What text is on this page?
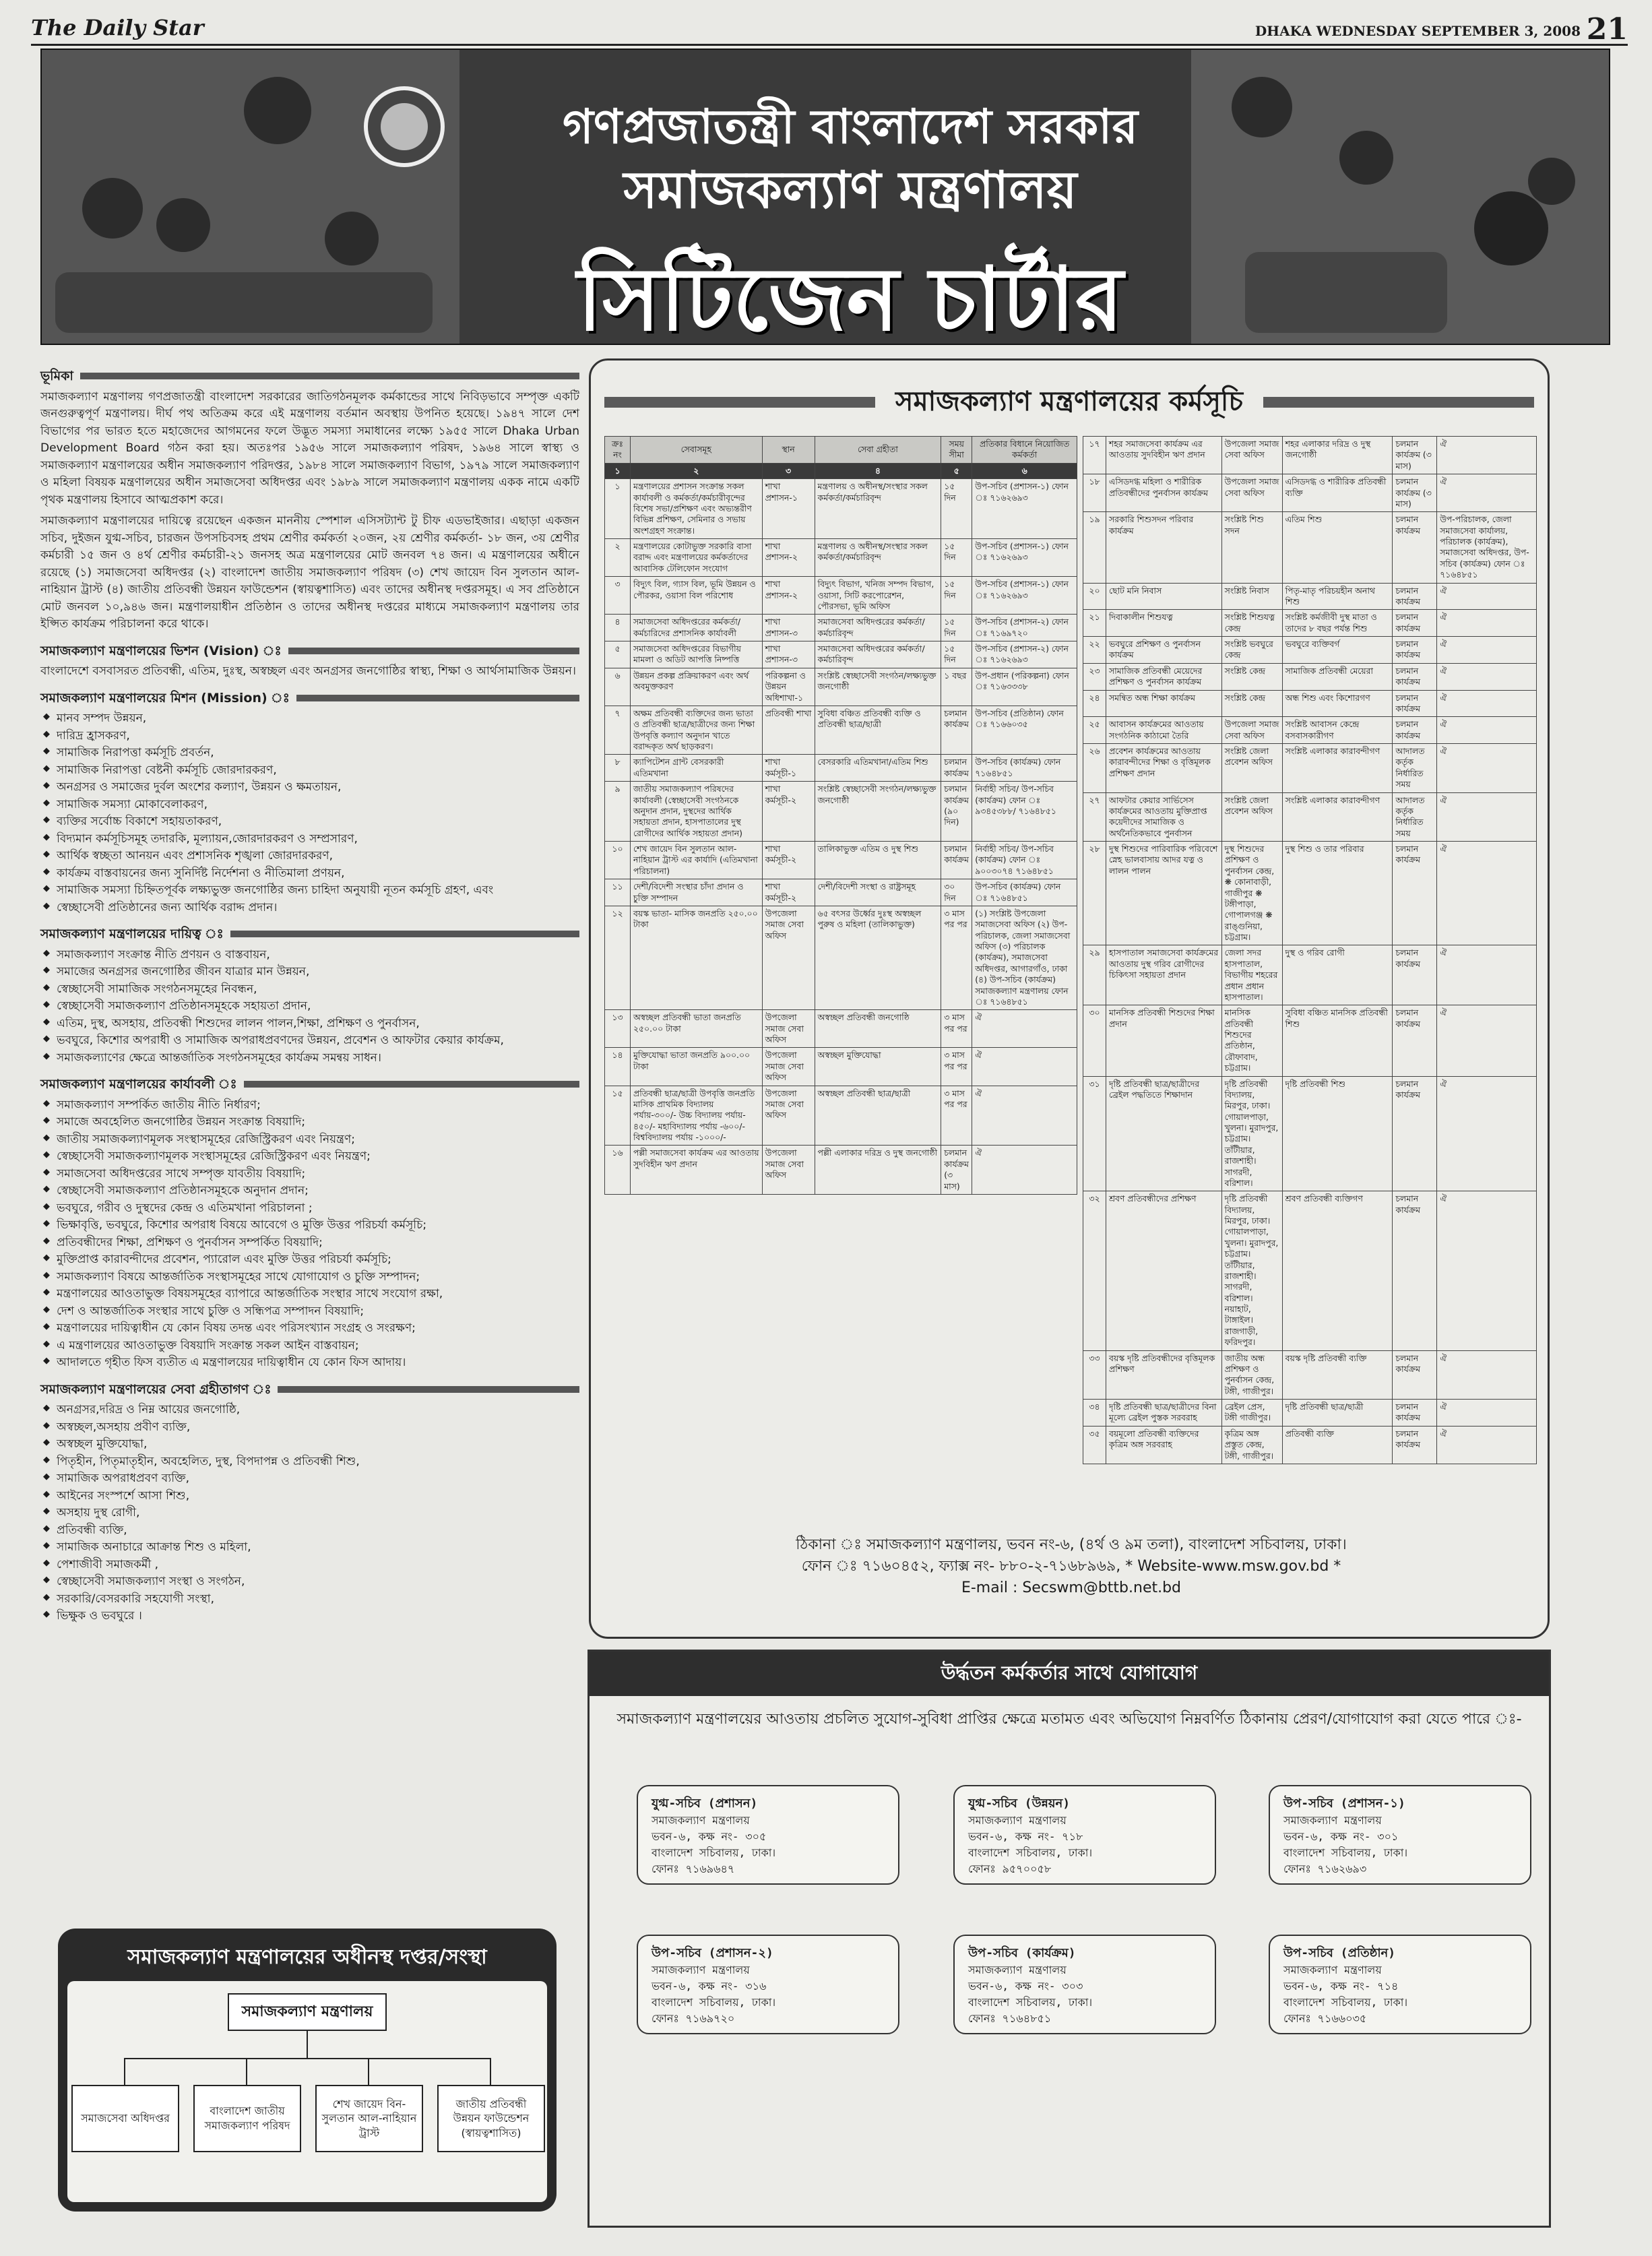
The Daily Star	DHAKA WEDNESDAY SEPTEMBER 3, 2008 21
গণপ্রজাতন্ত্রী বাংলাদেশ সরকার
সমাজকল্যাণ মন্ত্রণালয়
সিটিজেন চার্টার
ভূমিকা

সমাজকল্যাণ মন্ত্রণালয় গণপ্রজাতন্ত্রী বাংলাদেশ সরকারের জাতিগঠনমূলক কর্মকান্ডের সাথে নিবিড়ভাবে সম্পৃক্ত একটি জনগুরুত্বপূর্ণ মন্ত্রণালয়। দীর্ঘ পথ অতিক্রম করে এই মন্ত্রণালয় বর্তমান অবস্থায় উপনিত হয়েছে। ১৯৪৭ সালে দেশ বিভাগের পর ভারত হতে মহাজেদের আগমনের ফলে উদ্ভূত সমস্যা সমাধানের লক্ষ্যে ১৯৫৫ সালে Dhaka Urban Development Board গঠন করা হয়। অতঃপর ১৯৫৬ সালে সমাজকল্যাণ পরিষদ, ১৯৬৪ সালে স্বাস্থ্য ও সমাজকল্যাণ মন্ত্রণালয়ের অধীন সমাজকল্যাণ পরিদপ্তর, ১৯৮৪ সালে সমাজকল্যাণ বিভাগ, ১৯৭৯ সালে সমাজকল্যাণ ও মহিলা বিষয়ক মন্ত্রণালয়ের অধীন সমাজসেবা অধিদপ্তর এবং ১৯৮৯ সালে সমাজকল্যাণ মন্ত্রণালয় একক নামে একটি পৃথক মন্ত্রণালয় হিসাবে আত্মপ্রকাশ করে।

সমাজকল্যাণ মন্ত্রণালয়ের দায়িত্বে রয়েছেন একজন মাননীয় স্পেশাল এসিসট্যান্ট টু চীফ এডভাইজার। এছাড়া একজন সচিব, দুইজন যুগ্ম-সচিব, চারজন উপসচিবসহ প্রথম শ্রেণীর কর্মকর্তা ২০জন, ২য় শ্রেণীর কর্মকর্তা- ১৮ জন, ৩য় শ্রেণীর কর্মচারী ১৫ জন ও ৪র্থ শ্রেণীর কর্মচারী-২১ জনসহ অত্র মন্ত্রণালয়ের মোট জনবল ৭৪ জন। এ মন্ত্রণালয়ের অধীনে রয়েছে (১) সমাজসেবা অধিদপ্তর (২) বাংলাদেশ জাতীয় সমাজকল্যাণ পরিষদ (৩) শেখ জায়েদ বিন সুলতান আল-নাহিয়ান ট্রাস্ট (৪) জাতীয় প্রতিবন্ধী উন্নয়ন ফাউন্ডেশন (স্বায়ত্বশাসিত) এবং তাদের অধীনস্থ দপ্তরসমূহ। এ সব প্রতিষ্ঠানে মোট জনবল ১০,৯৪৬ জন। মন্ত্রণালয়াধীন প্রতিষ্ঠান ও তাদের অধীনস্থ দপ্তরের মাধ্যমে সমাজকল্যাণ মন্ত্রণালয় তার ইপ্সিত কার্যক্রম পরিচালনা করে থাকে।

সমাজকল্যাণ মন্ত্রণালয়ের ভিশন (Vision) ঃ

বাংলাদেশে বসবাসরত প্রতিবন্ধী, এতিম, দুঃস্থ, অস্বচ্ছল এবং অনগ্রসর জনগোষ্ঠির স্বাস্থ্য, শিক্ষা ও আর্থসামাজিক উন্নয়ন।

সমাজকল্যাণ মন্ত্রণালয়ের মিশন (Mission) ঃ
◆ মানব সম্পদ উন্নয়ন,
◆ দারিদ্র হ্রাসকরণ,
◆ সামাজিক নিরাপত্তা কর্মসূচি প্রবর্তন,
◆ সামাজিক নিরাপত্তা বেষ্টনী কর্মসূচি জোরদারকরণ,
◆ অনগ্রসর ও সমাজের দুর্বল অংশের কল্যাণ, উন্নয়ন ও ক্ষমতায়ন,
◆ সামাজিক সমস্যা মোকাবেলাকরণ,
◆ ব্যক্তির সর্বোচ্চ বিকাশে সহায়তাকরণ,
◆ বিদ্যমান কর্মসূচিসমূহ তদারকি, মূল্যায়ন,জোরদারকরণ ও সম্প্রসারণ,
◆ আর্থিক স্বচ্ছতা আনয়ন এবং প্রশাসনিক শৃঙ্খলা জোরদারকরণ,
◆ কার্যক্রম বাস্তবায়নের জন্য সুনির্দিষ্ট নির্দেশনা ও নীতিমালা প্রণয়ন,
◆ সামাজিক সমস্যা চিহ্নিতপূর্বক লক্ষ্যভুক্ত জনগোষ্ঠির জন্য চাহিদা অনুযায়ী নূতন কর্মসূচি গ্রহণ, এবং
◆ স্বেচ্ছাসেবী প্রতিষ্ঠানের জন্য আর্থিক বরাদ্দ প্রদান।
সমাজকল্যাণ মন্ত্রণালয়ের দায়িত্ব ঃ
◆ সমাজকল্যাণ সংক্রান্ত নীতি প্রণয়ন ও বাস্তবায়ন,
◆ সমাজের অনগ্রসর জনগোষ্ঠির জীবন যাত্রার মান উন্নয়ন,
◆ স্বেচ্ছাসেবী সামাজিক সংগঠনসমূহের নিবন্ধন,
◆ স্বেচ্ছাসেবী সমাজকল্যাণ প্রতিষ্ঠানসমূহকে সহায়তা প্রদান,
◆ এতিম, দুস্থ, অসহায়, প্রতিবন্ধী শিশুদের লালন পালন,শিক্ষা, প্রশিক্ষণ ও পুনর্বাসন,
◆ ভবঘুরে, কিশোর অপরাধী ও সামাজিক অপরাধপ্রবণদের উন্নয়ন, প্রবেশন ও আফটার কেয়ার কার্যক্রম,
◆ সমাজকল্যাণের ক্ষেত্রে আন্তর্জাতিক সংগঠনসমূহের কার্যক্রম সমন্বয় সাধন।
সমাজকল্যাণ মন্ত্রণালয়ের কার্যাবলী ঃ
◆ সমাজকল্যাণ সম্পর্কিত জাতীয় নীতি নির্ধারণ;
◆ সমাজে অবহেলিত জনগোষ্ঠির উন্নয়ন সংক্রান্ত বিষয়াদি;
◆ জাতীয় সমাজকল্যাণমূলক সংস্থাসমূহের রেজিস্ট্রিকরণ এবং নিয়ন্ত্রণ;
◆ স্বেচ্ছাসেবী সমাজকল্যাণমূলক সংস্থাসমূহের রেজিস্ট্রিকরণ এবং নিয়ন্ত্রণ;
◆ সমাজসেবা অধিদপ্তরের সাথে সম্পৃক্ত যাবতীয় বিষয়াদি;
◆ স্বেচ্ছাসেবী সমাজকল্যাণ প্রতিষ্ঠানসমূহকে অনুদান প্রদান;
◆ ভবঘুরে, গরীব ও দুস্থদের কেন্দ্র ও এতিমখানা পরিচালনা ;
◆ ভিক্ষাবৃত্তি, ভবঘুরে, কিশোর অপরাধ বিষয়ে আবেগে ও মুক্তি উত্তর পরিচর্যা কর্মসূচি;
◆ প্রতিবন্ধীদের শিক্ষা, প্রশিক্ষণ ও পুনর্বাসন সম্পর্কিত বিষয়াদি;
◆ মুক্তিপ্রাপ্ত কারাবন্দীদের প্রবেশন, প্যারোল এবং মুক্তি উত্তর পরিচর্যা কর্মসূচি;
◆ সমাজকল্যাণ বিষয়ে আন্তর্জাতিক সংস্থাসমূহের সাথে যোগাযোগ ও চুক্তি সম্পাদন;
◆ মন্ত্রণালয়ের আওতাভুক্ত বিষয়সমূহের ব্যাপারে আন্তর্জাতিক সংস্থার সাথে সংযোগ রক্ষা,
◆ দেশ ও আন্তর্জাতিক সংস্থার সাথে চুক্তি ও সন্ধিপত্র সম্পাদন বিষয়াদি;
◆ মন্ত্রণালয়ের দায়িত্বাধীন যে কোন বিষয় তদন্ত এবং পরিসংখ্যান সংগ্রহ ও সংরক্ষণ;
◆ এ মন্ত্রণালয়ের আওতাভুক্ত বিষয়াদি সংক্রান্ত সকল আইন বাস্তবায়ন;
◆ আদালতে গৃহীত ফিস ব্যতীত এ মন্ত্রণালয়ের দায়িত্বাধীন যে কোন ফিস আদায়।
সমাজকল্যাণ মন্ত্রণালয়ের সেবা গ্রহীতাগণ ঃ
◆ অনগ্রসর,দরিদ্র ও নিম্ন আয়ের জনগোষ্ঠি,
◆ অস্বচ্ছল,অসহায় প্রবীণ ব্যক্তি,
◆ অস্বচ্ছল মুক্তিযোদ্ধা,
◆ পিতৃহীন, পিতৃমাতৃহীন, অবহেলিত, দুস্থ, বিপদাপন্ন ও প্রতিবন্ধী শিশু,
◆ সামাজিক অপরাধপ্রবণ ব্যক্তি,
◆ আইনের সংস্পর্শে আসা শিশু,
◆ অসহায় দুস্থ রোগী,
◆ প্রতিবন্ধী ব্যক্তি,
◆ সামাজিক অনাচারে আক্রান্ত শিশু ও মহিলা,
◆ পেশাজীবী সমাজকর্মী ,
◆ স্বেচ্ছাসেবী সমাজকল্যাণ সংস্থা ও সংগঠন,
◆ সরকারি/বেসরকারি সহযোগী সংস্থা,
◆ ভিক্ষুক ও ভবঘুরে ।
সমাজকল্যাণ মন্ত্রণালয়ের অধীনস্থ দপ্তর/সংস্থা
সমাজকল্যাণ মন্ত্রণালয়
সমাজসেবা অধিদপ্তর
বাংলাদেশ জাতীয় সমাজকল্যাণ পরিষদ
শেখ জায়েদ বিন-সুলতান আল-নাহিয়ান ট্রাস্ট
জাতীয় প্রতিবন্ধী উন্নয়ন ফাউন্ডেশন (স্বায়ত্বশাসিত)
সমাজকল্যাণ মন্ত্রণালয়ের কর্মসূচি
ক্রঃ নং	সেবাসমূহ	স্থান	সেবা গ্রহীতা	সময় সীমা	প্রতিকার বিধানে নিয়োজিত কর্মকর্তা
১	২	৩	৪	৫	৬
১	মন্ত্রণালয়ের প্রশাসন সংক্রান্ত সকল কার্যাবলী ও কর্মকর্তা/কর্মচারীবৃন্দের বিশেষ সভা/প্রশিক্ষণ এবং অভ্যন্তরীণ বিভিন্ন প্রশিক্ষণ, সেমিনার ও সভায় অংশগ্রহণ সংক্রান্ত।	শাখা প্রশাসন-১	মন্ত্রণালয় ও অধীনস্থ/সংস্থার সকল কর্মকর্তা/কর্মচারিবৃন্দ	১৫ দিন	উপ-সচিব (প্রশাসন-১) ফোন ঃ ৭১৬২৬৯৩
২	মন্ত্রণালয়ের কোটাভুক্ত সরকারি বাসা বরাদ্দ এবং মন্ত্রণালয়ের কর্মকর্তাদের আবাসিক টেলিফোন সংযোগ	শাখা প্রশাসন-২	মন্ত্রণালয় ও অধীনস্থ/সংস্থার সকল কর্মকর্তা/কর্মচারিবৃন্দ	১৫ দিন	উপ-সচিব (প্রশাসন-১) ফোন ঃ ৭১৬২৬৯৩
৩	বিদ্যুৎ বিল, গ্যাস বিল, ভূমি উন্নয়ন ও পৌরকর, ওয়াসা বিল পরিশোধ	শাখা প্রশাসন-২	বিদ্যুৎ বিভাগ, খনিজ সম্পদ বিভাগ, ওয়াসা, সিটি করপোরেশন, পৌরসভা, ভূমি অফিস	১৫ দিন	উপ-সচিব (প্রশাসন-১) ফোন ঃ ৭১৬২৬৯৩
৪	সমাজসেবা অধিদপ্তরের কর্মকর্তা/কর্মচারিদের প্রশাসনিক কার্যাবলী	শাখা প্রশাসন-৩	সমাজসেবা অধিদপ্তরের কর্মকর্তা/কর্মচারিবৃন্দ	১৫ দিন	উপ-সচিব (প্রশাসন-২) ফোন ঃ ৭১৬৯৭২০
৫	সমাজসেবা অধিদপ্তরের বিভাগীয় মামলা ও অডিট আপত্তি নিষ্পত্তি	শাখা প্রশাসন-৩	সমাজসেবা অধিদপ্তরের কর্মকর্তা/কর্মচারিবৃন্দ	১৫ দিন	উপ-সচিব (প্রশাসন-২) ফোন ঃ ৭১৬২৬৯৩
৬	উন্নয়ন প্রকল্প প্রক্রিয়াকরণ এবং অর্থ অবমুক্তকরণ	পরিকল্পনা ও উন্নয়ন অধিশাখা-১	সংশ্লিষ্ট স্বেচ্ছাসেবী সংগঠন/লক্ষ্যভুক্ত জনগোষ্ঠী	১ বছর	উপ-প্রধান (পরিকল্পনা) ফোন ঃ ৭১৬৩৩৩৮
৭	অক্ষম প্রতিবন্ধী ব্যক্তিদের জন্য ভাতা ও প্রতিবন্ধী ছাত্র/ছাত্রীদের জন্য শিক্ষা উপবৃত্তি কল্যাণ অনুদান খাতে বরাদ্দকৃত অর্থ ছাড়করণ।	প্রতিবন্ধী শাখা	সুবিধা বঞ্চিত প্রতিবন্ধী ব্যক্তি ও প্রতিবন্ধী ছাত্র/ছাত্রী	চলমান কার্যক্রম	উপ-সচিব (প্রতিষ্ঠান) ফোন ঃ ৭১৬৬০৩৫
৮	ক্যাপিটেশন গ্রান্ট বেসরকারী এতিমখানা	শাখা কর্মসূচী-১	বেসরকারি এতিমখানা/এতিম শিশু	চলমান কার্যক্রম	উপ-সচিব (কার্যক্রম) ফোন ৭১৬৪৮৫১
৯	জাতীয় সমাজকল্যাণ পরিষদের কার্যাবলী (স্বেচ্ছাসেবী সংগঠনকে অনুদান প্রদান, দুস্থদের আর্থিক সহায়তা প্রদান, হাসপাতালের দুস্থ রোগীদের আর্থিক সহায়তা প্রদান)	শাখা কর্মসূচী-২	সংশ্লিষ্ট স্বেচ্ছাসেবী সংগঠন/লক্ষ্যভুক্ত জনগোষ্ঠী	চলমান কার্যক্রম (৯০ দিন)	নির্বাহী সচিব/ উপ-সচিব (কার্যক্রম) ফোন ঃ ৯৩৪৫৩৮৮/ ৭১৬৪৮৫১
১০	শেখ জায়েদ বিন সুলতান আল-নাহিয়ান ট্রাস্ট এর কার্যাদি (এতিমখানা পরিচালনা)	শাখা কর্মসূচী-২	তালিকাভুক্ত এতিম ও দুস্থ শিশু	চলমান কার্যক্রম	নির্বাহী সচিব/ উপ-সচিব (কার্যক্রম) ফোন ঃ ৯০০৩০৭৪ ৭১৬৪৮৫১
১১	দেশী/বিদেশী সংস্থার চাঁদা প্রদান ও চুক্তি সম্পাদন	শাখা কর্মসূচী-২	দেশী/বিদেশী সংস্থা ও রাষ্ট্রসমূহ	৩০ দিন	উপ-সচিব (কার্যক্রম) ফোন ঃ ৭১৬৪৮৫১
১২	বয়স্ক ভাতা- মাসিক জনপ্রতি ২৫০.০০ টাকা	উপজেলা সমাজ সেবা অফিস	৬৫ বৎসর উর্ধ্বের দুঃস্থ অস্বচ্ছল পুরুষ ও মহিলা (তালিকাভুক্ত)	৩ মাস পর পর	(১) সংশ্লিষ্ট উপজেলা সমাজসেবা অফিস (২) উপ-পরিচালক, জেলা সমাজসেবা অফিস (৩) পরিচালক (কার্যক্রম), সমাজসেবা অধিদপ্তর, আগারগাঁও, ঢাকা (৪) উপ-সচিব (কার্যক্রম) সমাজকল্যাণ মন্ত্রণালয় ফোন ঃ ৭১৬৪৮৫১
১৩	অস্বচ্ছল প্রতিবন্ধী ভাতা জনপ্রতি ২৫০.০০ টাকা	উপজেলা সমাজ সেবা অফিস	অস্বচ্ছল প্রতিবন্ধী জনগোষ্ঠি	৩ মাস পর পর	ঐ
১৪	মুক্তিযোদ্ধা ভাতা জনপ্রতি ৯০০.০০ টাকা	উপজেলা সমাজ সেবা অফিস	অস্বচ্ছল মুক্তিযোদ্ধা	৩ মাস পর পর	ঐ
১৫	প্রতিবন্ধী ছাত্র/ছাত্রী উপবৃত্তি জনপ্রতি মাসিক প্রাথমিক বিদ্যালয় পর্যায়-৩০০/- উচ্চ বিদ্যালয় পর্যায়- ৪৫০/- মহাবিদ্যালয় পর্যায় -৬০০/- বিশ্ববিদ্যালয় পর্যায় -১০০০/-	উপজেলা সমাজ সেবা অফিস	অস্বচ্ছল প্রতিবন্ধী ছাত্র/ছাত্রী	৩ মাস পর পর	ঐ
১৬	পল্লী সমাজসেবা কার্যক্রম এর আওতায় সুদবিহীন ঋণ প্রদান	উপজেলা সমাজ সেবা অফিস	পল্লী এলাকার দরিদ্র ও দুস্থ জনগোষ্ঠী	চলমান কার্যক্রম (৩ মাস)	ঐ
১৭	শহর সমাজসেবা কার্যক্রম এর আওতায় সুদবিহীন ঋণ প্রদান	উপজেলা সমাজ সেবা অফিস	শহর এলাকার দরিদ্র ও দুস্থ জনগোষ্ঠী	চলমান কার্যক্রম (৩ মাস)	ঐ
১৮	এসিডদগ্ধ মহিলা ও শারীরিক প্রতিবন্ধীদের পুনর্বাসন কার্যক্রম	উপজেলা সমাজ সেবা অফিস	এসিডদগ্ধ ও শারীরিক প্রতিবন্ধী ব্যক্তি	চলমান কার্যক্রম (৩ মাস)	ঐ
১৯	সরকারি শিশুসদন পরিবার কার্যক্রম	সংশ্লিষ্ট শিশু সদন	এতিম শিশু	চলমান কার্যক্রম	উপ-পরিচালক, জেলা সমাজসেবা কার্যালয়, পরিচালক (কার্যক্রম), সমাজসেবা অধিদপ্তর, উপ-সচিব (কার্যক্রম) ফোন ঃ ৭১৬৪৮৫১
২০	ছোট মনি নিবাস	সংশ্লিষ্ট নিবাস	পিতৃ-মাতৃ পরিচয়হীন অনাথ শিশু	চলমান কার্যক্রম	ঐ
২১	দিবাকালীন শিশুযত্ন	সংশ্লিষ্ট শিশুযত্ন কেন্দ্র	সংশ্লিষ্ট কর্মজীবী দুস্থ মাতা ও তাদের ৮ বছর পর্যন্ত শিশু	চলমান কার্যক্রম	ঐ
২২	ভবঘুরে প্রশিক্ষণ ও পুনর্বাসন কার্যক্রম	সংশ্লিষ্ট ভবঘুরে কেন্দ্র	ভবঘুরে ব্যক্তিবর্গ	চলমান কার্যক্রম	ঐ
২৩	সামাজিক প্রতিবন্ধী মেয়েদের প্রশিক্ষণ ও পুনর্বাসন কার্যক্রম	সংশ্লিষ্ট কেন্দ্র	সামাজিক প্রতিবন্ধী মেয়েরা	চলমান কার্যক্রম	ঐ
২৪	সমন্বিত অন্ধ শিক্ষা কার্যক্রম	সংশ্লিষ্ট কেন্দ্র	অন্ধ শিশু এবং কিশোরগণ	চলমান কার্যক্রম	ঐ
২৫	আবাসন কার্যক্রমের আওতায় সংগঠনিক কাঠামো তৈরি	উপজেলা সমাজ সেবা অফিস	সংশ্লিষ্ট আবাসন কেন্দ্রে বসবাসকারীগণ	চলমান কার্যক্রম	ঐ
২৬	প্রবেশন কার্যক্রমের আওতায় কারাবন্দীদের শিক্ষা ও বৃত্তিমূলক প্রশিক্ষণ প্রদান	সংশ্লিষ্ট জেলা প্রবেশন অফিস	সংশ্লিষ্ট এলাকার কারাবন্দীগণ	আদালত কর্তৃক নির্ধারিত সময়	ঐ
২৭	আফটার কেয়ার সার্ভিসেস কার্যক্রমের আওতায় মুক্তিপ্রাপ্ত কয়েদীদের সামাজিক ও অর্থনৈতিকভাবে পুনর্বাসন	সংশ্লিষ্ট জেলা প্রবেশন অফিস	সংশ্লিষ্ট এলাকার কারাবন্দীগণ	আদালত কর্তৃক নির্ধারিত সময়	ঐ
২৮	দুস্থ শিশুদের পারিবারিক পরিবেশে স্নেহ ভালবাসায় আদর যত্ন ও লালন পালন	দুস্থ শিশুদের প্রশিক্ষণ ও পুনর্বাসন কেন্দ্র, ❋ কোনাবাড়ী, গাজীপুর ❋ টঙ্গীপাড়া, গোপালগঞ্জ ❋ রাঙ্গুনিয়া, চট্টগ্রাম।	দুস্থ শিশু ও তার পরিবার	চলমান কার্যক্রম	ঐ
২৯	হাসপাতাল সমাজসেবা কার্যক্রমের আওতায় দুস্থ গরিব রোগীদের চিকিৎসা সহায়তা প্রদান	জেলা সদর হাসপাতাল, বিভাগীয় শহরের প্রধান প্রধান হাসপাতাল।	দুস্থ ও গরিব রোগী	চলমান কার্যক্রম	ঐ
৩০	মানসিক প্রতিবন্ধী শিশুদের শিক্ষা প্রদান	মানসিক প্রতিবন্ধী শিশুদের প্রতিষ্ঠান, রৌফাবাদ, চট্টগ্রাম।	সুবিধা বঞ্চিত মানসিক প্রতিবন্ধী শিশু	চলমান কার্যক্রম	ঐ
৩১	দৃষ্টি প্রতিবন্ধী ছাত্র/ছাত্রীদের ব্রেইল পদ্ধতিতে শিক্ষাদান	দৃষ্টি প্রতিবন্ধী বিদ্যালয়, মিরপুর, ঢাকা। গোয়ালপাড়া, খুলনা। মুরাদপুর, চট্টগ্রাম। তাঁটীয়ার, রাজশাহী। সাগরদী, বরিশাল।	দৃষ্টি প্রতিবন্ধী শিশু	চলমান কার্যক্রম	ঐ
৩২	শ্রবণ প্রতিবন্ধীদের প্রশিক্ষণ	দৃষ্টি প্রতিবন্ধী বিদ্যালয়, মিরপুর, ঢাকা। গোয়ালপাড়া, খুলনা। মুরাদপুর, চট্টগ্রাম। তাঁটীয়ার, রাজশাহী। সাগরদী, বরিশাল। নয়াহাট, টাঙ্গাইল। রাজগাড়ী, ফরিদপুর।	শ্রবণ প্রতিবন্ধী ব্যক্তিগণ	চলমান কার্যক্রম	ঐ
৩৩	বয়স্ক দৃষ্টি প্রতিবন্ধীদের বৃত্তিমূলক প্রশিক্ষণ	জাতীয় অন্ধ প্রশিক্ষণ ও পুনর্বাসন কেন্দ্র, টঙ্গী, গাজীপুর।	বয়স্ক দৃষ্টি প্রতিবন্ধী ব্যক্তি	চলমান কার্যক্রম	ঐ
৩৪	দৃষ্টি প্রতিবন্ধী ছাত্র/ছাত্রীদের বিনা মূল্যে ব্রেইল পুস্তক সরবরাহ	ব্রেইল প্রেস, টঙ্গী গাজীপুর।	দৃষ্টি প্রতিবন্ধী ছাত্র/ছাত্রী	চলমান কার্যক্রম	ঐ
৩৫	বয়মূলো প্রতিবন্ধী ব্যক্তিদের কৃত্রিম অঙ্গ সরবরাহ	কৃত্রিম অঙ্গ প্রস্তুত কেন্দ্র, টঙ্গী, গাজীপুর।	প্রতিবন্ধী ব্যক্তি	চলমান কার্যক্রম	ঐ
ঠিকানা ঃ সমাজকল্যাণ মন্ত্রণালয়, ভবন নং-৬, (৪র্থ ও ৯ম তলা), বাংলাদেশ সচিবালয়, ঢাকা।
ফোন ঃ ৭১৬০৪৫২, ফ্যাক্স নং- ৮৮০-২-৭১৬৮৯৬৯, * Website-www.msw.gov.bd *
E-mail : Secswm@bttb.net.bd
উর্দ্ধতন কর্মকর্তার সাথে যোগাযোগ
সমাজকল্যাণ মন্ত্রণালয়ের আওতায় প্রচলিত সুযোগ-সুবিধা প্রাপ্তির ক্ষেত্রে মতামত এবং অভিযোগ নিম্নবর্ণিত ঠিকানায় প্রেরণ/যোগাযোগ করা যেতে পারে ঃ-
যুগ্ম-সচিব (প্রশাসন)
সমাজকল্যাণ মন্ত্রণালয়
ভবন-৬, কক্ষ নং- ৩০৫
বাংলাদেশ সচিবালয়, ঢাকা।
ফোনঃ ৭১৬৯৬৪৭
যুগ্ম-সচিব (উন্নয়ন)
সমাজকল্যাণ মন্ত্রণালয়
ভবন-৬, কক্ষ নং- ৭১৮
বাংলাদেশ সচিবালয়, ঢাকা।
ফোনঃ ৯৫৭০০৫৮
উপ-সচিব (প্রশাসন-১)
সমাজকল্যাণ মন্ত্রণালয়
ভবন-৬, কক্ষ নং- ৩০১
বাংলাদেশ সচিবালয়, ঢাকা।
ফোনঃ ৭১৬২৬৯৩
উপ-সচিব (প্রশাসন-২)
সমাজকল্যাণ মন্ত্রণালয়
ভবন-৬, কক্ষ নং- ৩১৬
বাংলাদেশ সচিবালয়, ঢাকা।
ফোনঃ ৭১৬৯৭২০
উপ-সচিব (কার্যক্রম)
সমাজকল্যাণ মন্ত্রণালয়
ভবন-৬, কক্ষ নং- ৩০৩
বাংলাদেশ সচিবালয়, ঢাকা।
ফোনঃ ৭১৬৪৮৫১
উপ-সচিব (প্রতিষ্ঠান)
সমাজকল্যাণ মন্ত্রণালয়
ভবন-৬, কক্ষ নং- ৭১৪
বাংলাদেশ সচিবালয়, ঢাকা।
ফোনঃ ৭১৬৬০৩৫
